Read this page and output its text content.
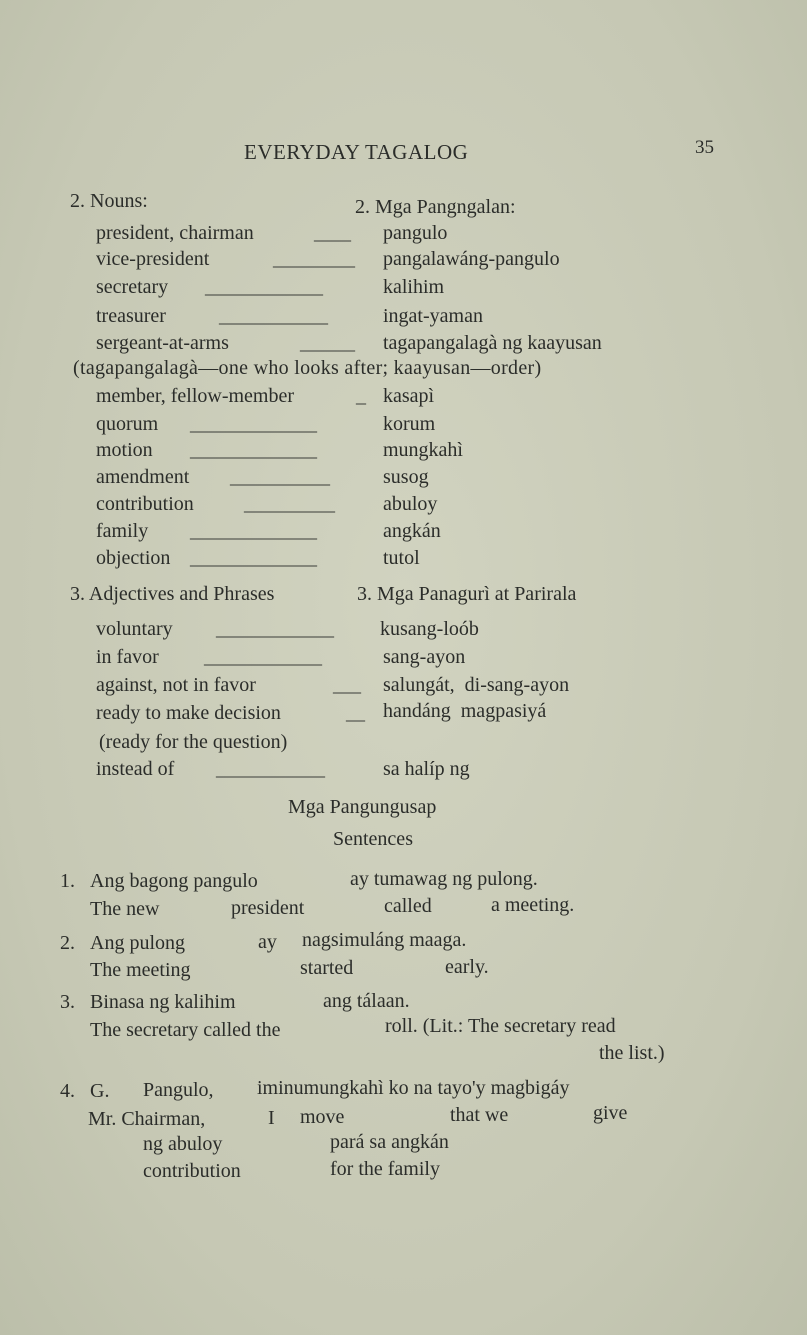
EVERYDAY TAGALOG	35
2. Nouns:	2. Mga Pangngalan:
president, chairman	____ pangulo
vice-president	_________ pangalawáng-pangulo
secretary _____________	kalihim
treasurer	____________	ingat-yaman
sergeant-at-arms	______ tagapangalagà ng kaayusan
(tagapangalagà—one who looks after; kaayusan—order)
member, fellow-member	_ kasapì
quorum ______________	korum
motion ______________	mungkahì
amendment ___________	susog
contribution	__________ abuloy
family ______________	angkán
objection ______________	tutol
3. Adjectives and Phrases	3. Mga Panagurì at Parirala
voluntary _____________ kusang-loób
in favor _____________	sang-ayon
against, not in favor	___ salungát,  di-sang-ayon
ready to make decision	__ handáng  magpasiyá
(ready for the question)
instead of ____________	sa halíp ng
Mga Pangungusap
Sentences
1. Ang bagong pangulo	ay tumawag ng pulong.
The new	president	called	a meeting.
2. Ang pulong	ay nagsimuláng maaga.
The meeting	started	early.
3. Binasa ng kalihim	ang tálaan.
The secretary called the	roll. (Lit.: The secretary read
the list.)
4. G. Pangulo, iminumungkahì ko na tayo'y magbigáy
Mr. Chairman,	I move	that we	give
ng abuloy	pará sa angkán
contribution	for the family
